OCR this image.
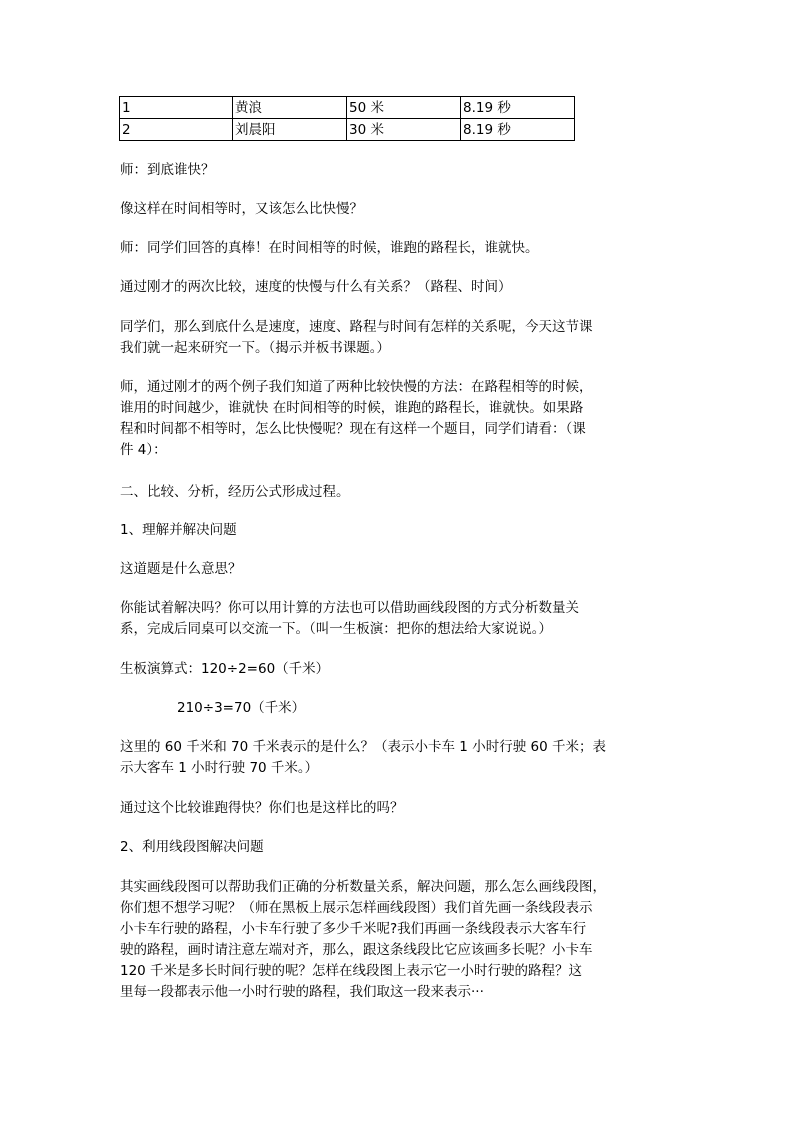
1	黄浪	50 米	8.19 秒
2	刘晨阳	30 米	8.19 秒

师：到底谁快？

像这样在时间相等时，又该怎么比快慢？

师：同学们回答的真棒！在时间相等的时候，谁跑的路程长，谁就快。

通过刚才的两次比较，速度的快慢与什么有关系？（路程、时间）

同学们，那么到底什么是速度，速度、路程与时间有怎样的关系呢，今天这节课
我们就一起来研究一下。（揭示并板书课题。）

师，通过刚才的两个例子我们知道了两种比较快慢的方法：在路程相等的时候，
谁用的时间越少，谁就快 在时间相等的时候，谁跑的路程长，谁就快。如果路
程和时间都不相等时，怎么比快慢呢？现在有这样一个题目，同学们请看：（课
件 4）：

二、比较、分析，经历公式形成过程。

1、理解并解决问题

这道题是什么意思？

你能试着解决吗？你可以用计算的方法也可以借助画线段图的方式分析数量关
系，完成后同桌可以交流一下。（叫一生板演：把你的想法给大家说说。）

生板演算式：120÷2=60（千米）

210÷3=70（千米）

这里的 60 千米和 70 千米表示的是什么？（表示小卡车 1 小时行驶 60 千米；表
示大客车 1 小时行驶 70 千米。）

通过这个比较谁跑得快？你们也是这样比的吗？

2、利用线段图解决问题

其实画线段图可以帮助我们正确的分析数量关系，解决问题，那么怎么画线段图，
你们想不想学习呢？（师在黑板上展示怎样画线段图）我们首先画一条线段表示
小卡车行驶的路程，小卡车行驶了多少千米呢?我们再画一条线段表示大客车行
驶的路程，画时请注意左端对齐，那么，跟这条线段比它应该画多长呢？小卡车
120 千米是多长时间行驶的呢？怎样在线段图上表示它一小时行驶的路程？这
里每一段都表示他一小时行驶的路程，我们取这一段来表示···
